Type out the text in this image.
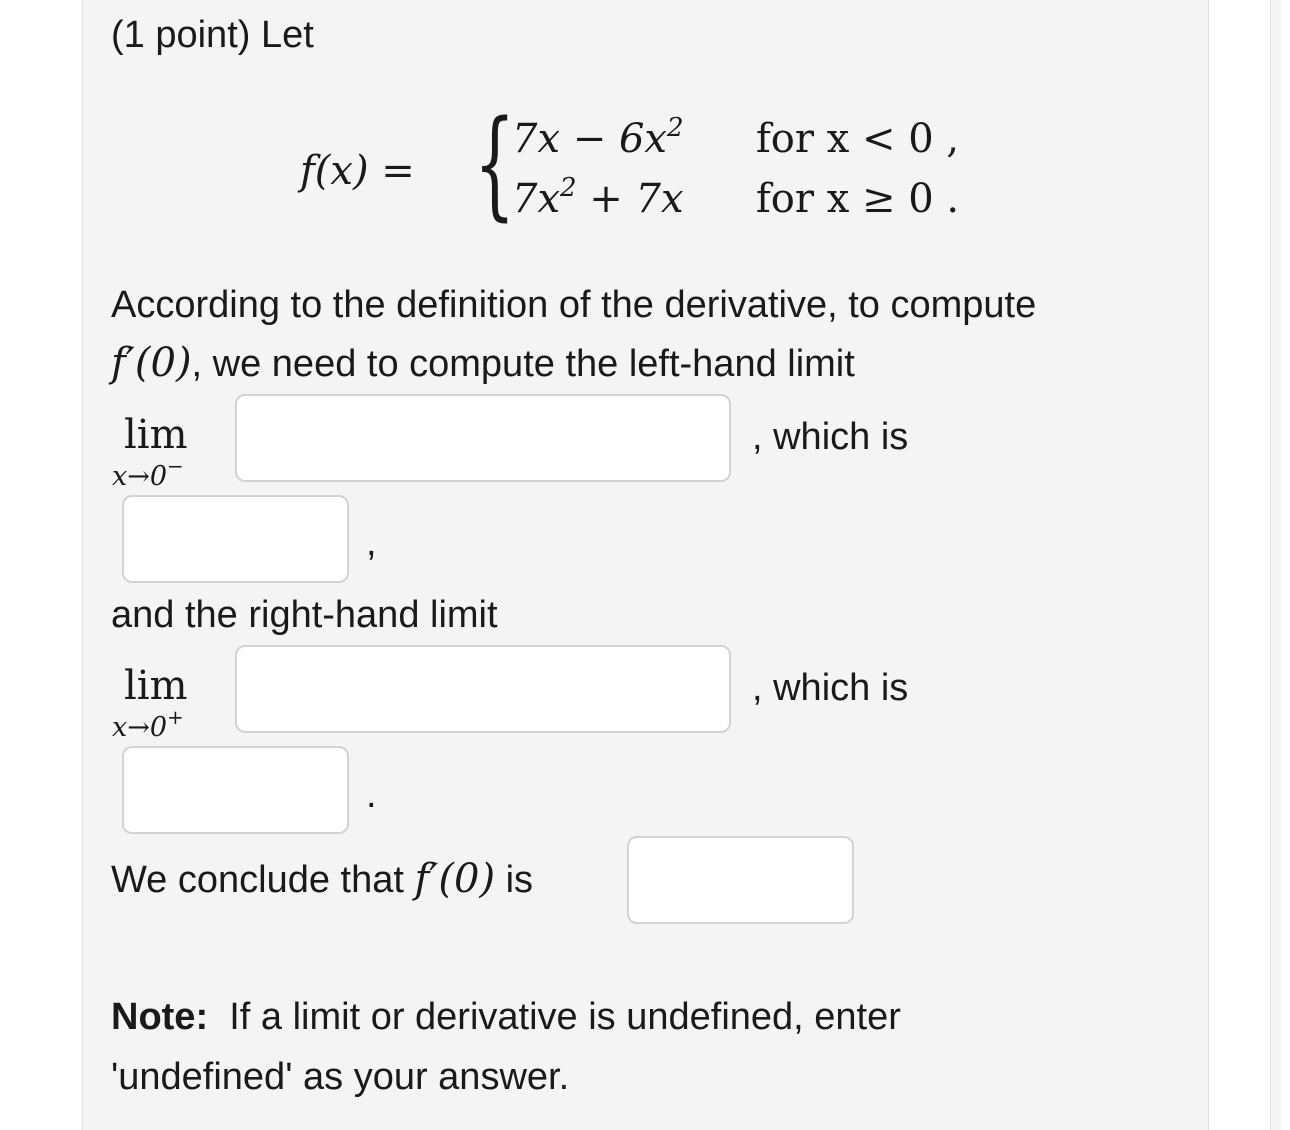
(1 point) Let
f(x) = {
$7x - 6x^2$ for x < 0 ,
$7x^2 + 7x$ for x ≥ 0 .
According to the definition of the derivative, to compute
f′(0), we need to compute the left-hand limit
lim
x→0−
, which is
,
and the right-hand limit
lim
x→0+
, which is
.
We conclude that f′(0) is
Note: If a limit or derivative is undefined, enter
'undefined' as your answer.
